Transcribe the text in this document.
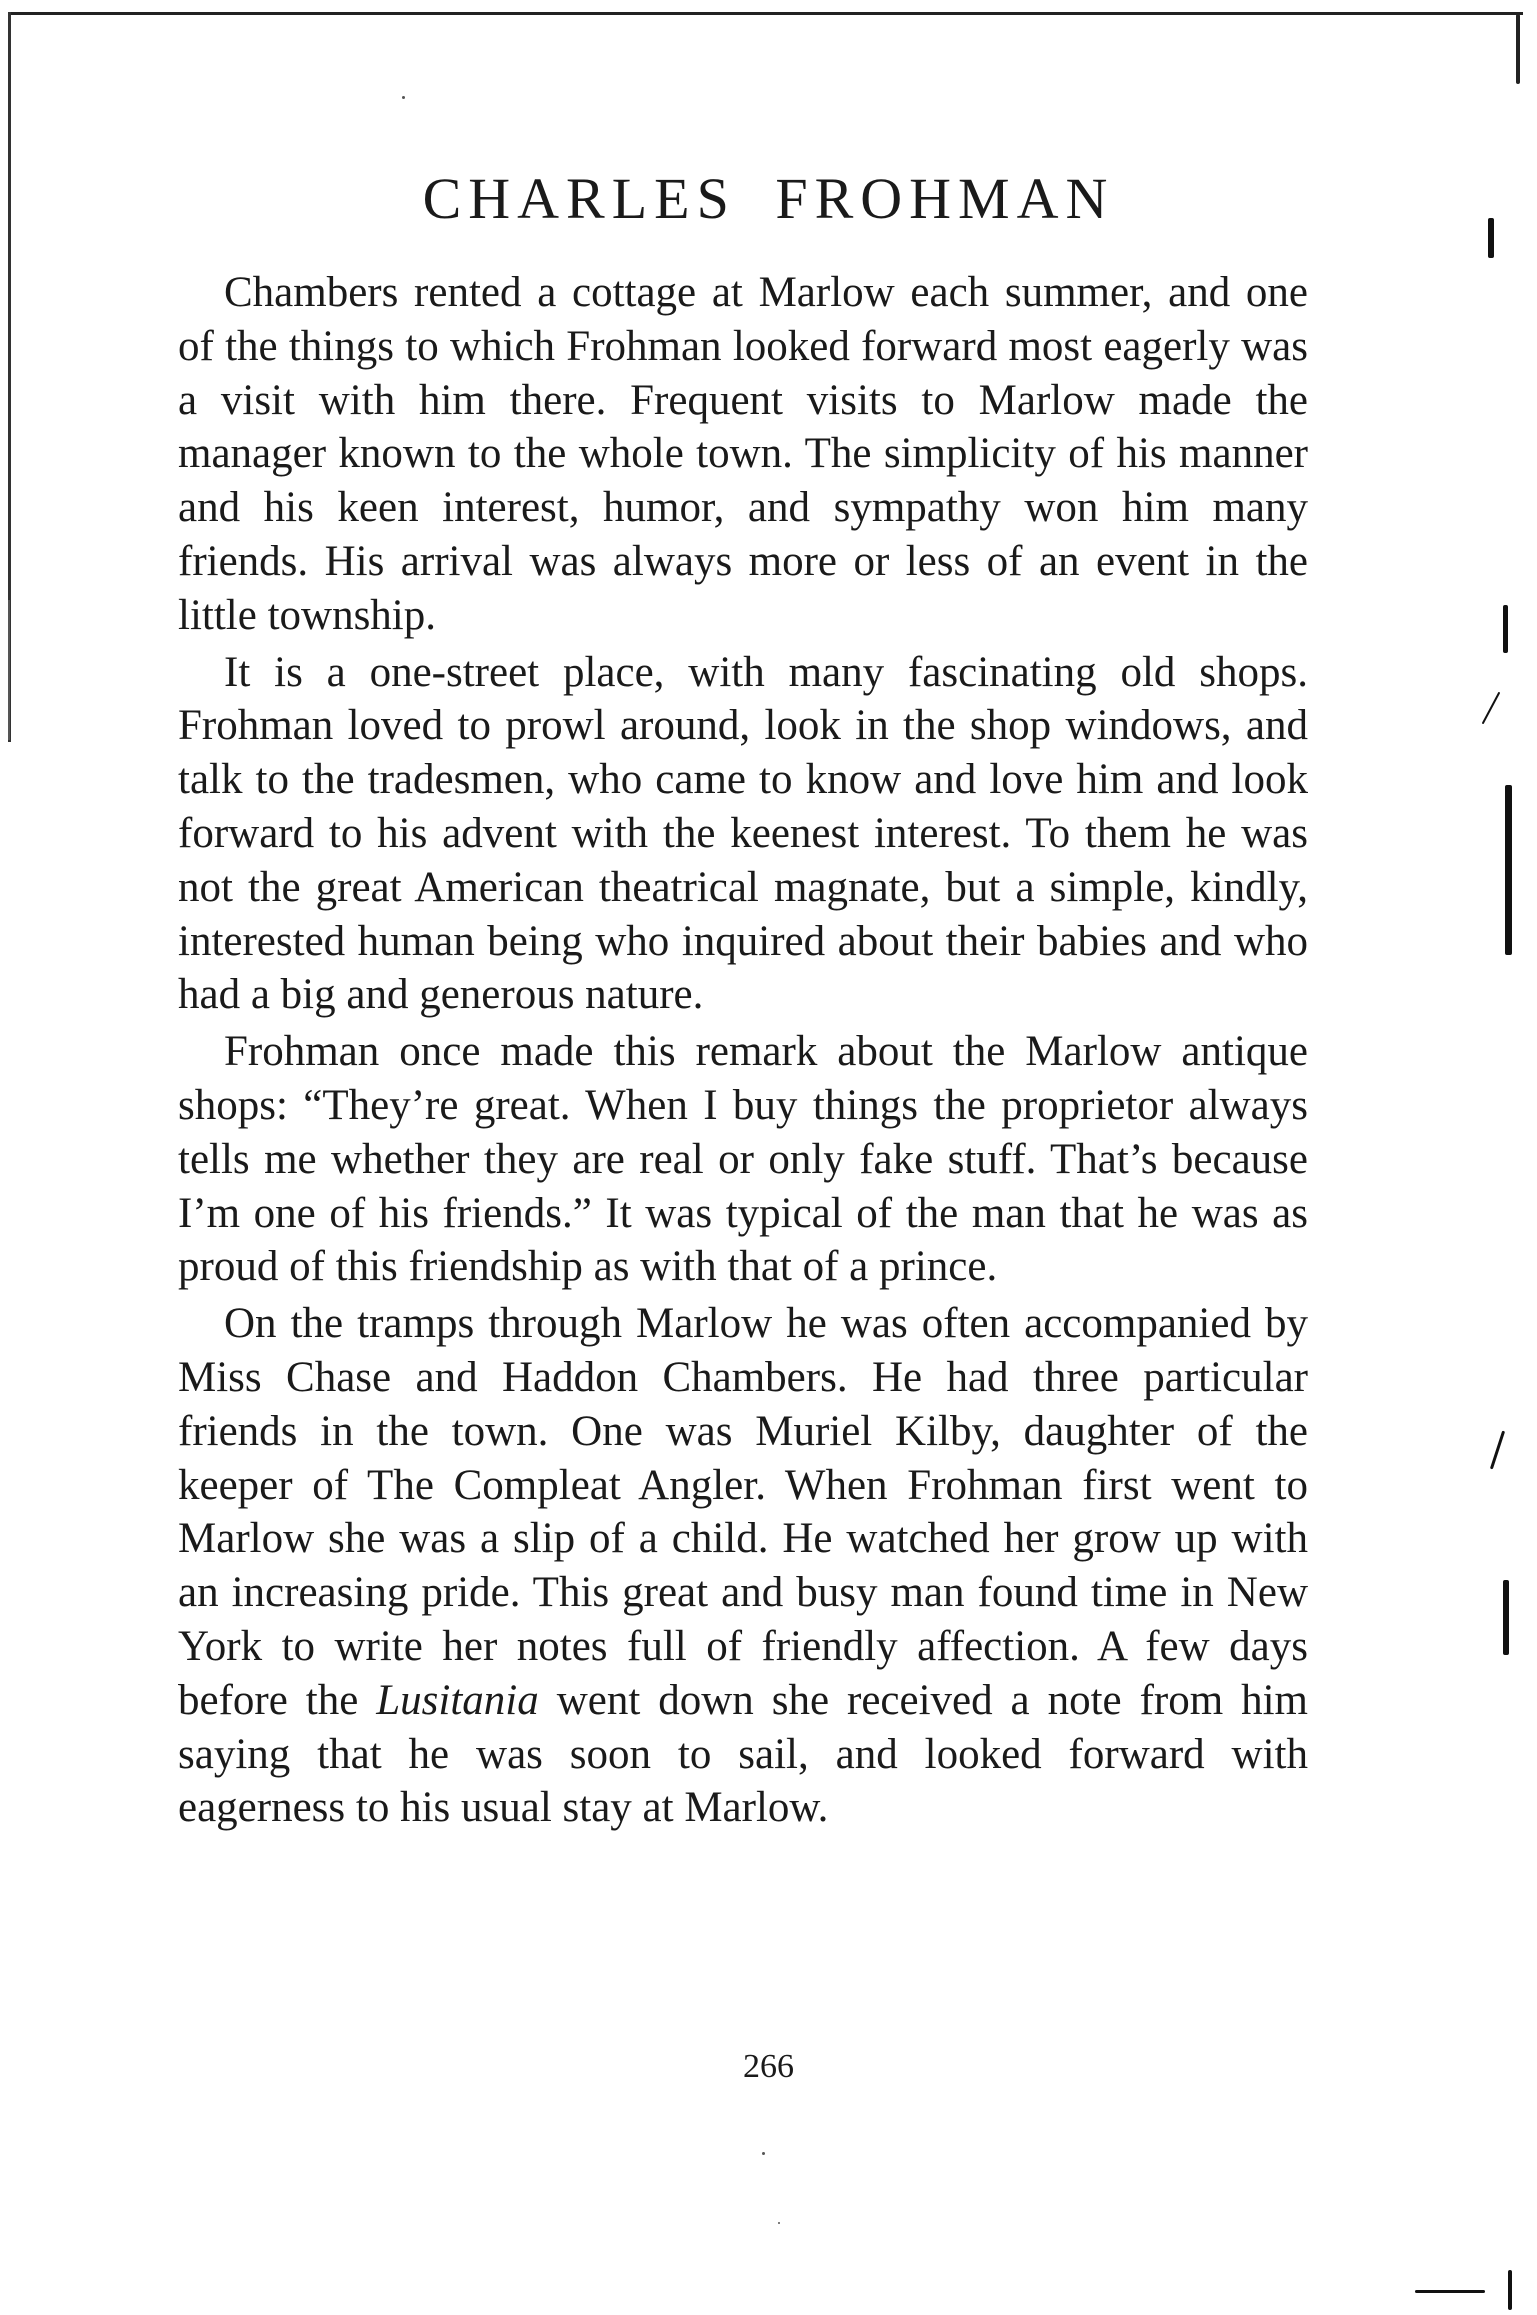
CHARLES FROHMAN

Chambers rented a cottage at Marlow each summer, and one of the things to which Frohman looked forward most eagerly was a visit with him there. Frequent visits to Marlow made the manager known to the whole town. The simplicity of his manner and his keen interest, humor, and sympathy won him many friends. His arrival was always more or less of an event in the little township.

It is a one-street place, with many fascinating old shops. Frohman loved to prowl around, look in the shop windows, and talk to the tradesmen, who came to know and love him and look forward to his advent with the keenest interest. To them he was not the great American theatrical magnate, but a simple, kindly, interested human being who inquired about their babies and who had a big and generous nature.

Frohman once made this remark about the Marlow antique shops: “They’re great. When I buy things the proprietor always tells me whether they are real or only fake stuff. That’s because I’m one of his friends.” It was typical of the man that he was as proud of this friendship as with that of a prince.

On the tramps through Marlow he was often accompanied by Miss Chase and Haddon Chambers. He had three particular friends in the town. One was Muriel Kilby, daughter of the keeper of The Compleat Angler. When Frohman first went to Marlow she was a slip of a child. He watched her grow up with an increasing pride. This great and busy man found time in New York to write her notes full of friendly affection. A few days before the Lusitania went down she received a note from him saying that he was soon to sail, and looked forward with eagerness to his usual stay at Marlow.

266
